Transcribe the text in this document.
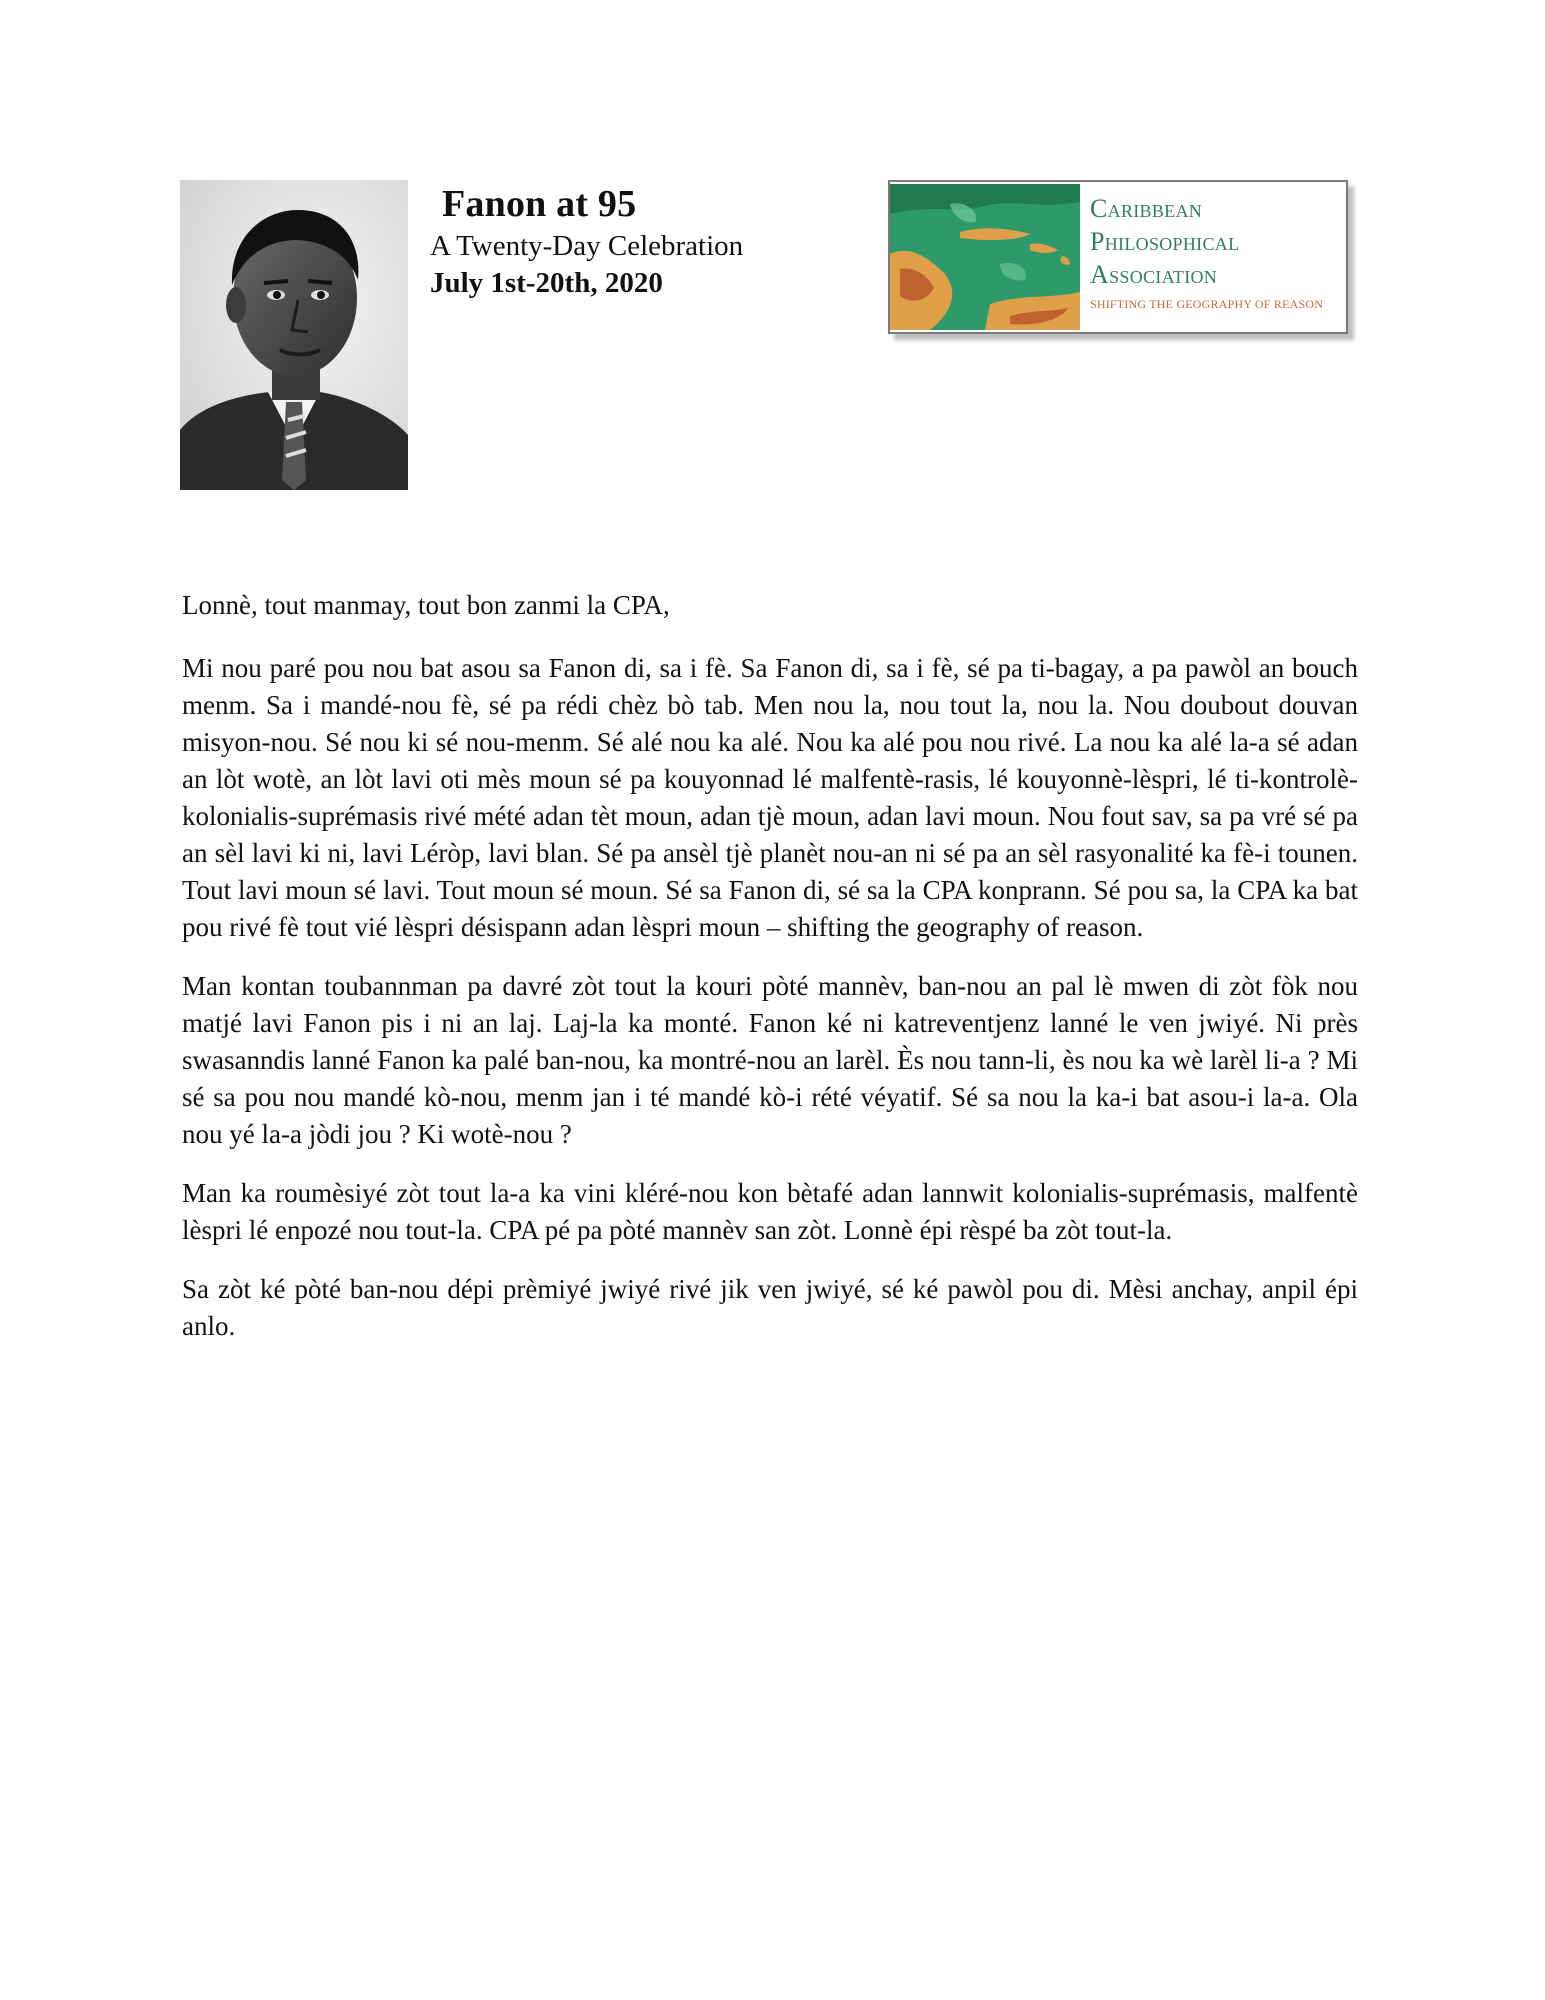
Fanon at 95
A Twenty-Day Celebration
July 1st-20th, 2020
Caribbean
Philosophical
Association
SHIFTING THE GEOGRAPHY OF REASON

Lonnè, tout manmay, tout bon zanmi la CPA,

Mi nou paré pou nou bat asou sa Fanon di, sa i fè. Sa Fanon di, sa i fè, sé pa ti-bagay, a pa pawòl an bouch menm. Sa i mandé-nou fè, sé pa rédi chèz bò tab. Men nou la, nou tout la, nou la. Nou doubout douvan misyon-nou. Sé nou ki sé nou-menm. Sé alé nou ka alé. Nou ka alé pou nou rivé. La nou ka alé la-a sé adan an lòt wotè, an lòt lavi oti mès moun sé pa kouyonnad lé malfentè-rasis, lé kouyonnè-lèspri, lé ti-kontrolè-kolonialis-suprémasis rivé mété adan tèt moun, adan tjè moun, adan lavi moun. Nou fout sav, sa pa vré sé pa an sèl lavi ki ni, lavi Léròp, lavi blan. Sé pa ansèl tjè planèt nou-an ni sé pa an sèl rasyonalité ka fè-i tounen. Tout lavi moun sé lavi. Tout moun sé moun. Sé sa Fanon di, sé sa la CPA konprann. Sé pou sa, la CPA ka bat pou rivé fè tout vié lèspri désispann adan lèspri moun – shifting the geography of reason.

Man kontan toubannman pa davré zòt tout la kouri pòté mannèv, ban-nou an pal lè mwen di zòt fòk nou matjé lavi Fanon pis i ni an laj. Laj-la ka monté. Fanon ké ni katreventjenz lanné le ven jwiyé. Ni près swasanndis lanné Fanon ka palé ban-nou, ka montré-nou an larèl. Ès nou tann-li, ès nou ka wè larèl li-a ? Mi sé sa pou nou mandé kò-nou, menm jan i té mandé kò-i rété véyatif. Sé sa nou la ka-i bat asou-i la-a. Ola nou yé la-a jòdi jou ? Ki wotè-nou ?

Man ka roumèsiyé zòt tout la-a ka vini kléré-nou kon bètafé adan lannwit kolonialis-suprémasis, malfentè lèspri lé enpozé nou tout-la. CPA pé pa pòté mannèv san zòt. Lonnè épi rèspé ba zòt tout-la.

Sa zòt ké pòté ban-nou dépi prèmiyé jwiyé rivé jik ven jwiyé, sé ké pawòl pou di. Mèsi anchay, anpil épi anlo.
